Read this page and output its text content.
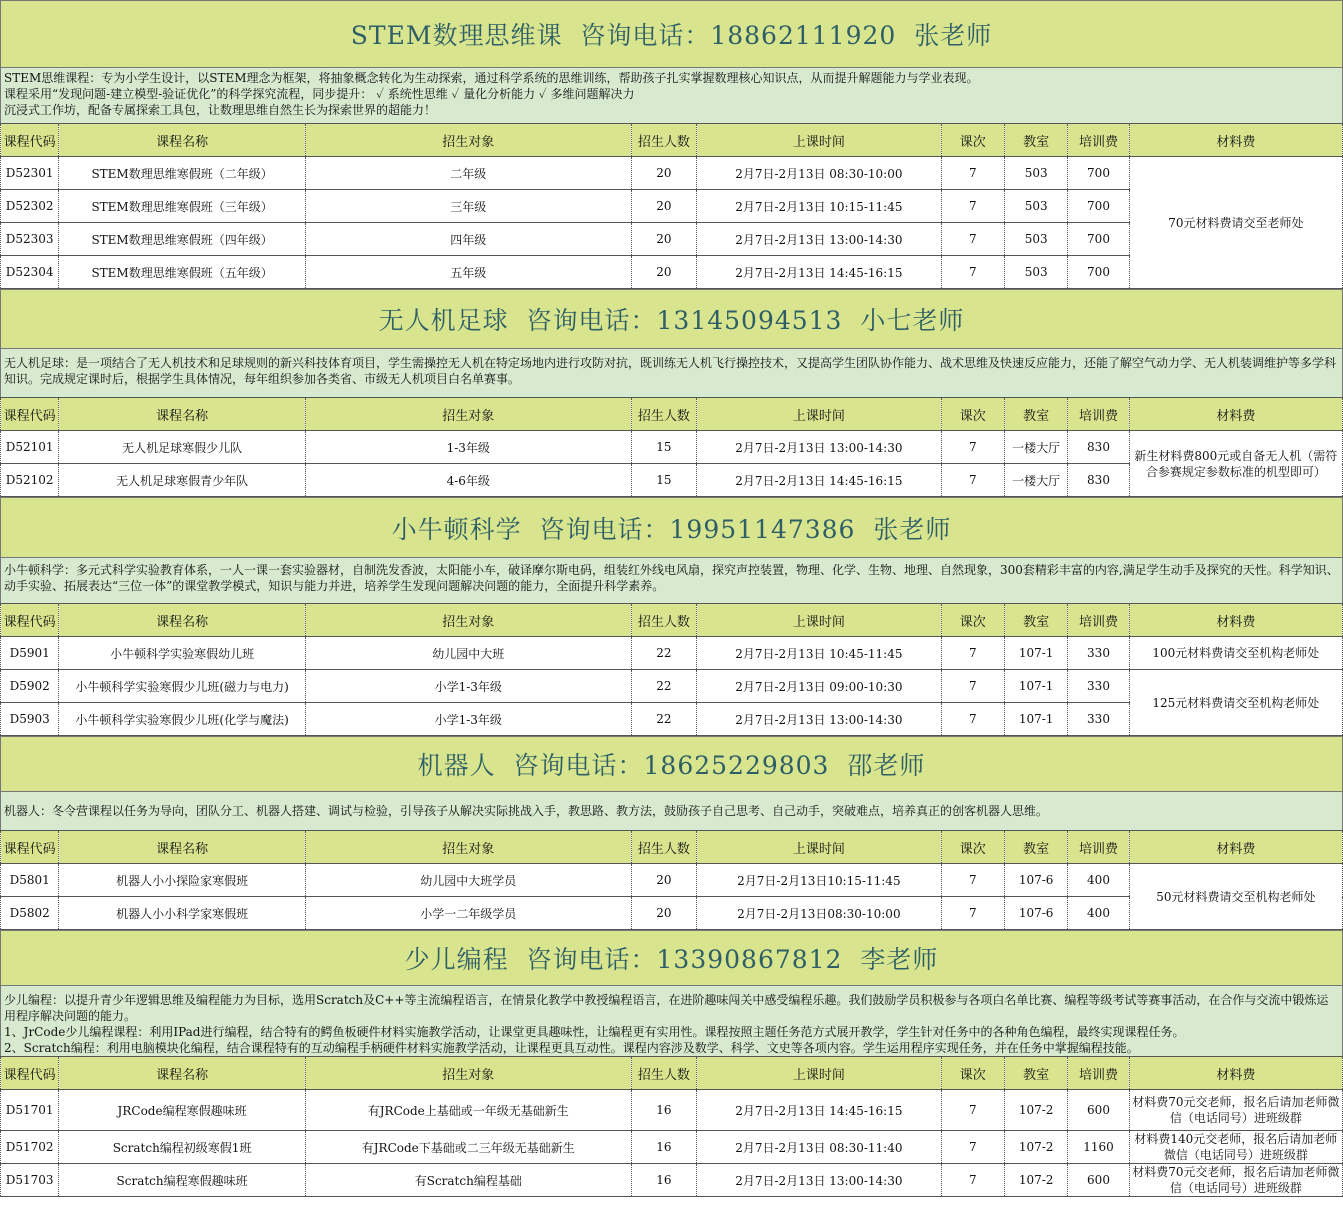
STEM数理思维课  咨询电话：18862111920  张老师
STEM思维课程：专为小学生设计，以STEM理念为框架，将抽象概念转化为生动探索，通过科学系统的思维训练，帮助孩子扎实掌握数理核心知识点，从而提升解题能力与学业表现。
课程采用“发现问题-建立模型-验证优化”的科学探究流程，同步提升： ✓ 系统性思维 ✓ 量化分析能力 ✓ 多维问题解决力
沉浸式工作坊，配备专属探索工具包，让数理思维自然生长为探索世界的超能力！
课程代码	课程名称	招生对象	招生人数	上课时间	课次	教室	培训费	材料费
D52301	STEM数理思维寒假班（二年级）	二年级	20	2月7日-2月13日 08:30-10:00	7	503	700	70元材料费请交至老师处
D52302	STEM数理思维寒假班（三年级）	三年级	20	2月7日-2月13日 10:15-11:45	7	503	700	
D52303	STEM数理思维寒假班（四年级）	四年级	20	2月7日-2月13日 13:00-14:30	7	503	700	
D52304	STEM数理思维寒假班（五年级）	五年级	20	2月7日-2月13日 14:45-16:15	7	503	700	
无人机足球  咨询电话：13145094513  小七老师
无人机足球：是一项结合了无人机技术和足球规则的新兴科技体育项目，学生需操控无人机在特定场地内进行攻防对抗，既训练无人机飞行操控技术，又提高学生团队协作能力、战术思维及快速反应能力，还能了解空气动力学、无人机装调维护等多学科知识。完成规定课时后，根据学生具体情况，每年组织参加各类省、市级无人机项目白名单赛事。
课程代码	课程名称	招生对象	招生人数	上课时间	课次	教室	培训费	材料费
D52101	无人机足球寒假少儿队	1-3年级	15	2月7日-2月13日 13:00-14:30	7	一楼大厅	830	新生材料费800元或自备无人机（需符合参赛规定参数标准的机型即可）
D52102	无人机足球寒假青少年队	4-6年级	15	2月7日-2月13日 14:45-16:15	7	一楼大厅	830	
小牛顿科学  咨询电话：19951147386  张老师
小牛顿科学：多元式科学实验教育体系，一人一课一套实验器材，自制洗发香波，太阳能小车，破译摩尔斯电码，组装红外线电风扇，探究声控装置，物理、化学、生物、地理、自然现象，300套精彩丰富的内容,满足学生动手及探究的天性。科学知识、动手实验、拓展表达“三位一体”的课堂教学模式，知识与能力并进，培养学生发现问题解决问题的能力，全面提升科学素养。
课程代码	课程名称	招生对象	招生人数	上课时间	课次	教室	培训费	材料费
D5901	小牛顿科学实验寒假幼儿班	幼儿园中大班	22	2月7日-2月13日 10:45-11:45	7	107-1	330	100元材料费请交至机构老师处
D5902	小牛顿科学实验寒假少儿班(磁力与电力)	小学1-3年级	22	2月7日-2月13日 09:00-10:30	7	107-1	330	125元材料费请交至机构老师处
D5903	小牛顿科学实验寒假少儿班(化学与魔法)	小学1-3年级	22	2月7日-2月13日 13:00-14:30	7	107-1	330	
机器人  咨询电话：18625229803  邵老师
机器人：冬令营课程以任务为导向，团队分工、机器人搭建、调试与检验，引导孩子从解决实际挑战入手，教思路、教方法，鼓励孩子自己思考、自己动手，突破难点，培养真正的创客机器人思维。
课程代码	课程名称	招生对象	招生人数	上课时间	课次	教室	培训费	材料费
D5801	机器人小小探险家寒假班	幼儿园中大班学员	20	2月7日-2月13日10:15-11:45	7	107-6	400	50元材料费请交至机构老师处
D5802	机器人小小科学家寒假班	小学一二年级学员	20	2月7日-2月13日08:30-10:00	7	107-6	400	
少儿编程  咨询电话：13390867812  李老师
少儿编程：以提升青少年逻辑思维及编程能力为目标，选用Scratch及C++等主流编程语言，在情景化教学中教授编程语言，在进阶趣味闯关中感受编程乐趣。我们鼓励学员积极参与各项白名单比赛、编程等级考试等赛事活动，在合作与交流中锻炼运用程序解决问题的能力。
1、JrCode少儿编程课程：利用IPad进行编程，结合特有的鳄鱼板硬件材料实施教学活动，让课堂更具趣味性，让编程更有实用性。课程按照主题任务范方式展开教学，学生针对任务中的各种角色编程，最终实现课程任务。
2、Scratch编程：利用电脑模块化编程，结合课程特有的互动编程手柄硬件材料实施教学活动，让课程更具互动性。课程内容涉及数学、科学、文史等各项内容。学生运用程序实现任务，并在任务中掌握编程技能。
课程代码	课程名称	招生对象	招生人数	上课时间	课次	教室	培训费	材料费
D51701	JRCode编程寒假趣味班	有JRCode上基础或一年级无基础新生	16	2月7日-2月13日 14:45-16:15	7	107-2	600	材料费70元交老师，报名后请加老师微信（电话同号）进班级群
D51702	Scratch编程初级寒假1班	有JRCode下基础或二三年级无基础新生	16	2月7日-2月13日 08:30-11:40	7	107-2	1160	材料费140元交老师，报名后请加老师微信（电话同号）进班级群
D51703	Scratch编程寒假趣味班	有Scratch编程基础	16	2月7日-2月13日 13:00-14:30	7	107-2	600	材料费70元交老师，报名后请加老师微信（电话同号）进班级群
